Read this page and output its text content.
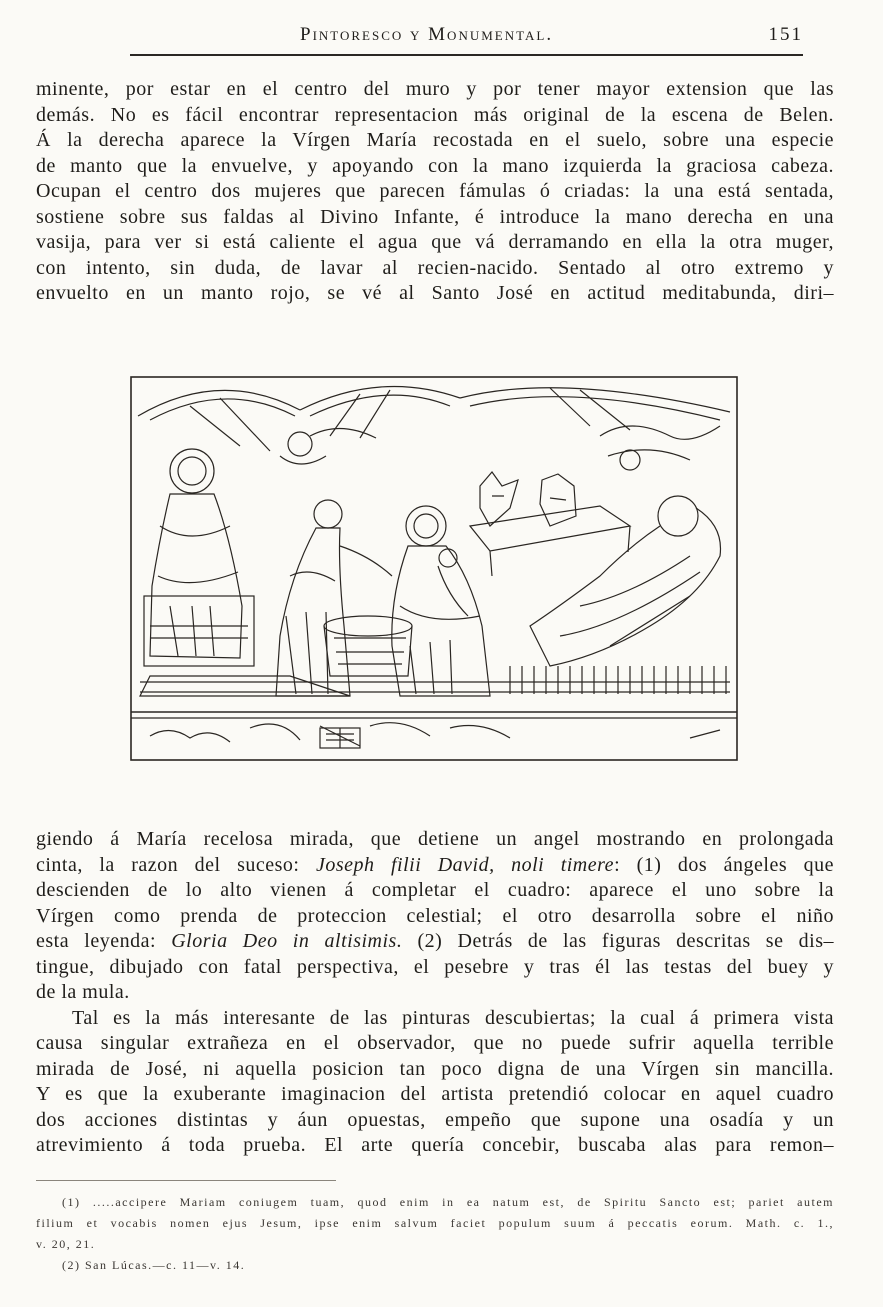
Pintoresco y Monumental.	151
minente, por estar en el centro del muro y por tener mayor extension que las
demás. No es fácil encontrar representacion más original de la escena de Belen.
Á la derecha aparece la Vírgen María recostada en el suelo, sobre una especie
de manto que la envuelve, y apoyando con la mano izquierda la graciosa cabeza.
Ocupan el centro dos mujeres que parecen fámulas ó criadas: la una está sentada,
sostiene sobre sus faldas al Divino Infante, é introduce la mano derecha en una
vasija, para ver si está caliente el agua que vá derramando en ella la otra muger,
con intento, sin duda, de lavar al recien-nacido. Sentado al otro extremo y
envuelto en un manto rojo, se vé al Santo José en actitud meditabunda, diri–
giendo á María recelosa mirada, que detiene un angel mostrando en prolongada
cinta, la razon del suceso: Joseph filii David, noli timere: (1) dos ángeles que
descienden de lo alto vienen á completar el cuadro: aparece el uno sobre la
Vírgen como prenda de proteccion celestial; el otro desarrolla sobre el niño
esta leyenda: Gloria Deo in altisimis. (2) Detrás de las figuras descritas se dis–
tingue, dibujado con fatal perspectiva, el pesebre y tras él las testas del buey y
de la mula.
Tal es la más interesante de las pinturas descubiertas; la cual á primera vista
causa singular extrañeza en el observador, que no puede sufrir aquella terrible
mirada de José, ni aquella posicion tan poco digna de una Vírgen sin mancilla.
Y es que la exuberante imaginacion del artista pretendió colocar en aquel cuadro
dos acciones distintas y áun opuestas, empeño que supone una osadía y un
atrevimiento á toda prueba. El arte quería concebir, buscaba alas para remon–
(1) .....accipere Mariam coniugem tuam, quod enim in ea natum est, de Spiritu Sancto est; pariet autem
filium et vocabis nomen ejus Jesum, ipse enim salvum faciet populum suum á peccatis eorum. Math. c. 1.,
v. 20, 21.
(2) San Lúcas.—c. 11—v. 14.
